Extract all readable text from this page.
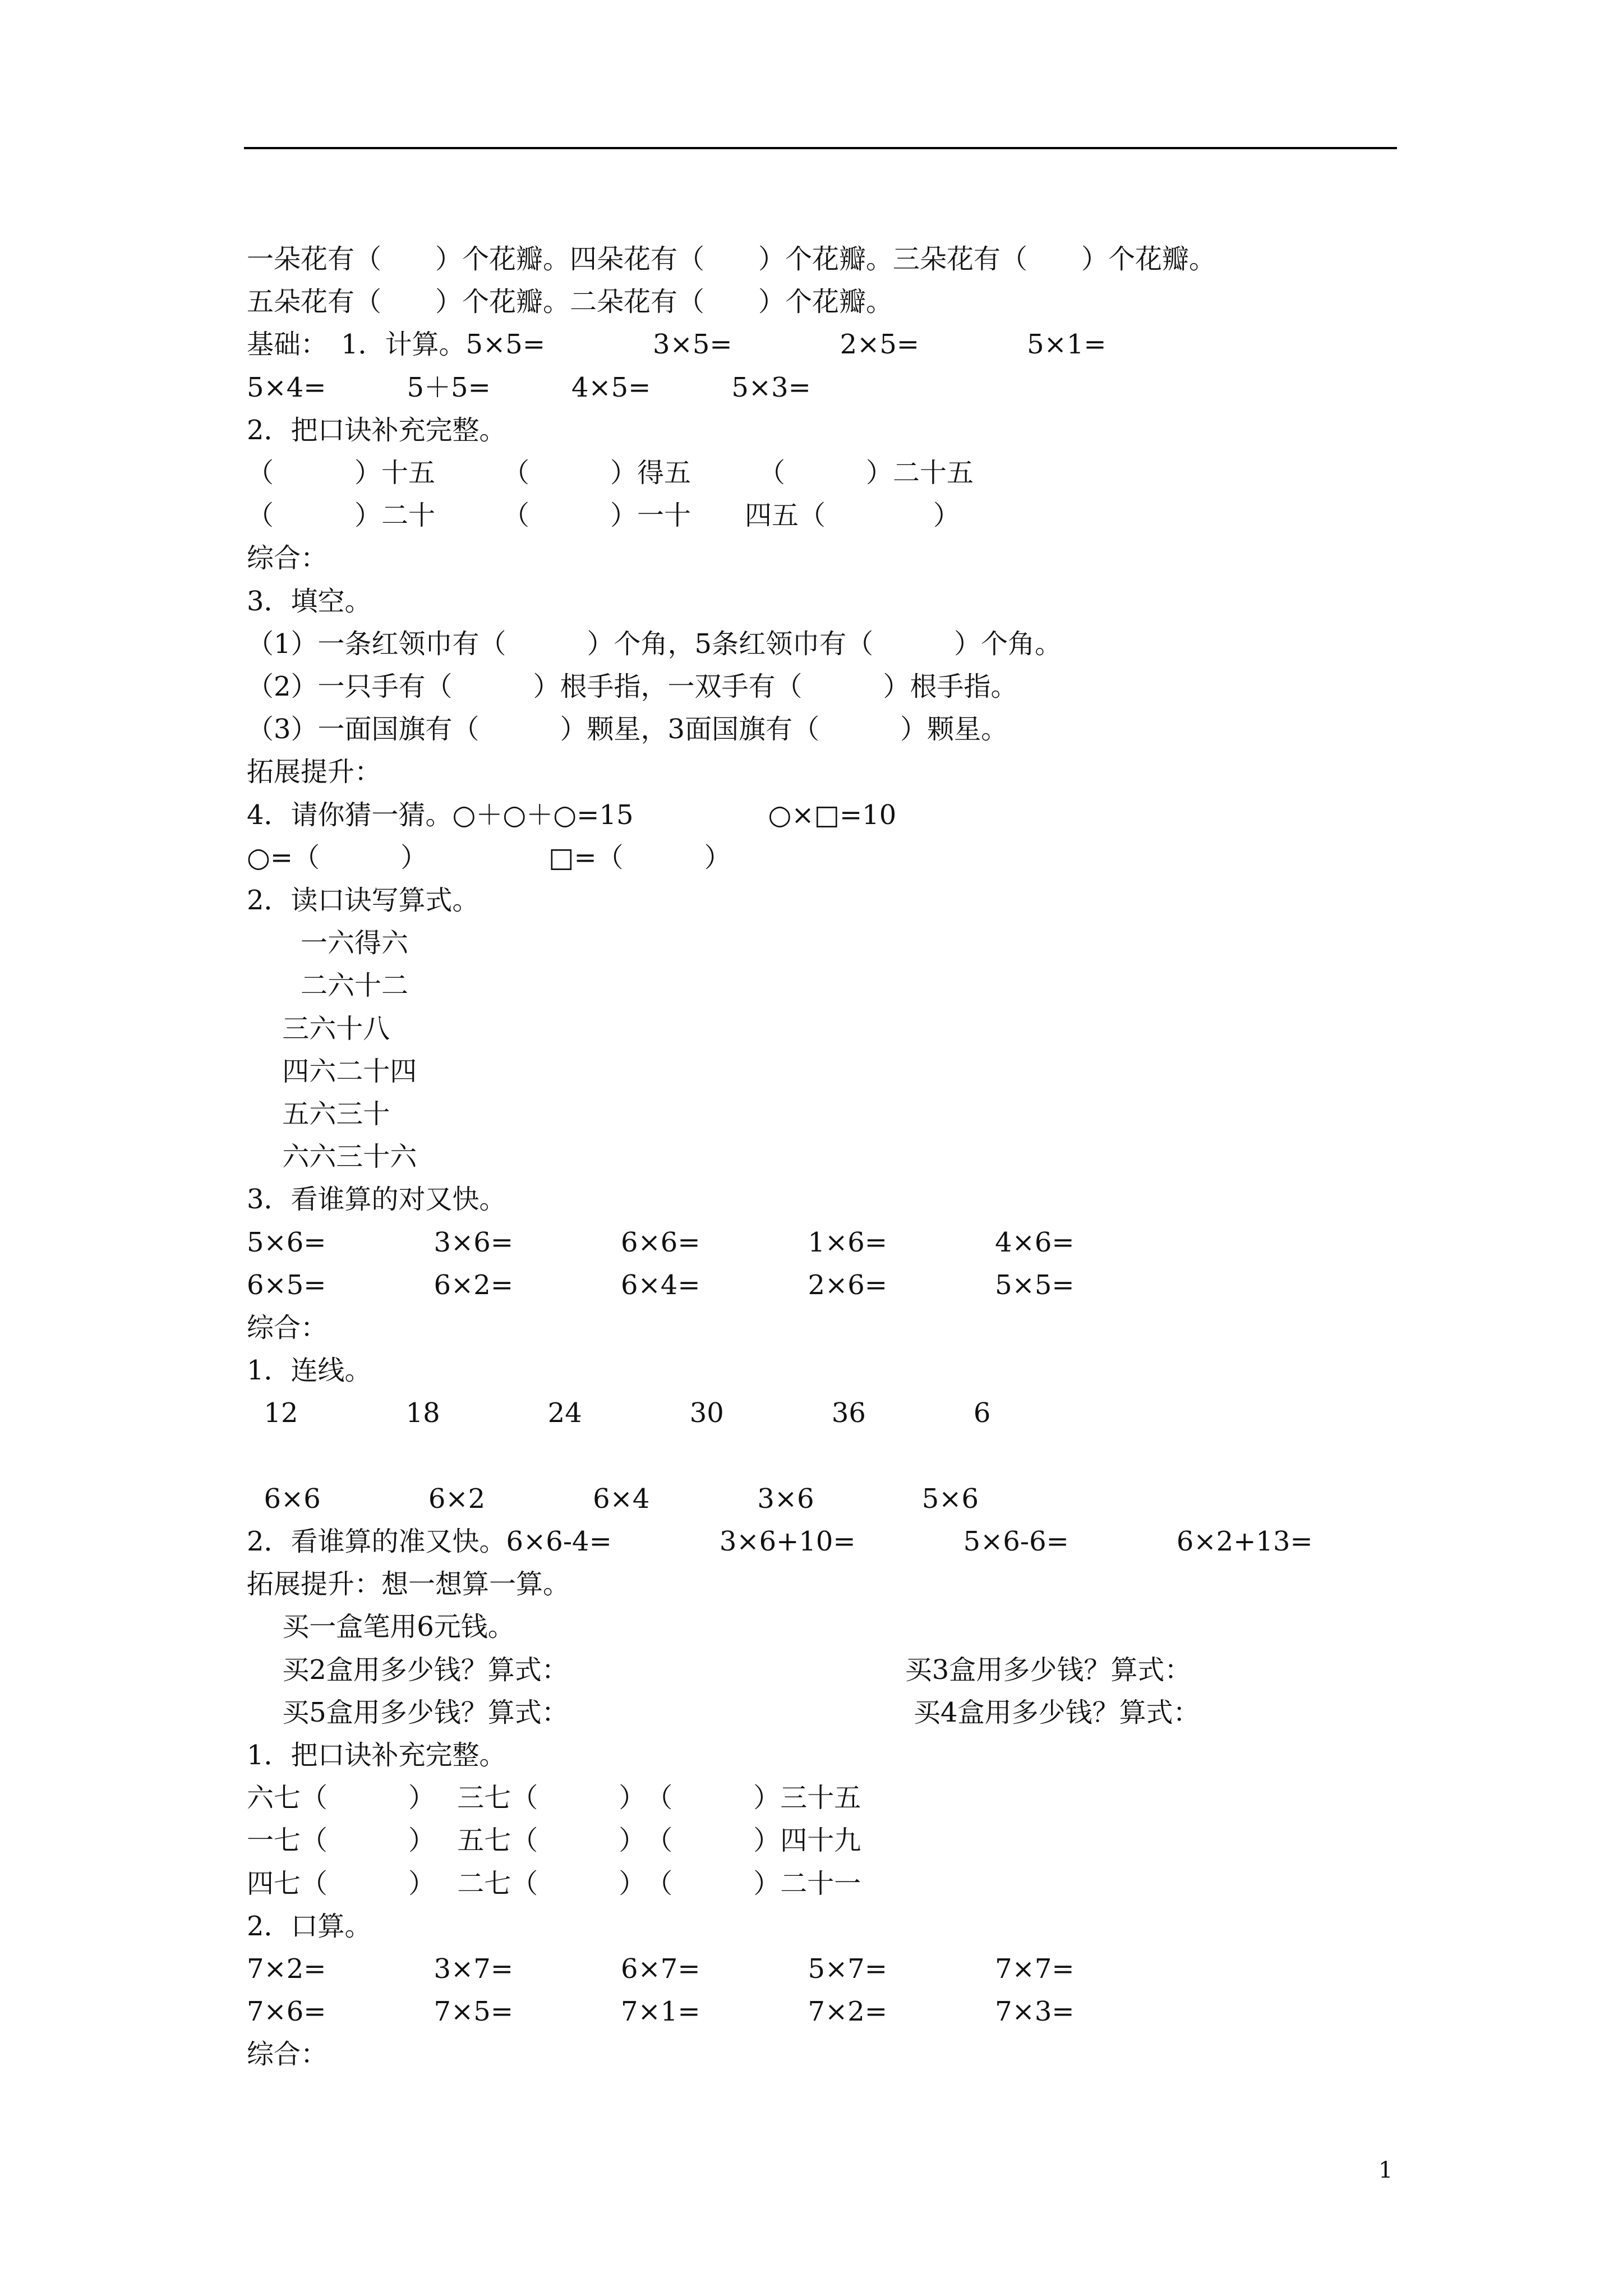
一朵花有（　　）个花瓣。四朵花有（　　）个花瓣。三朵花有（　　）个花瓣。
五朵花有（　　）个花瓣。二朵花有（　　）个花瓣。
基础：　1．计算。5×5=　　　　3×5=　　　　2×5=　　　　5×1=
5×4=　　　5＋5=　　　4×5=　　　5×3=
2．把口诀补充完整。
（　　　）十五　　　（　　　）得五　　　（　　　）二十五
（　　　）二十　　　（　　　）一十　　四五（　　　　）
综合：
3．填空。
（1）一条红领巾有（　　　）个角，5条红领巾有（　　　）个角。
（2）一只手有（　　　）根手指，一双手有（　　　）根手指。
（3）一面国旗有（　　　）颗星，3面国旗有（　　　）颗星。
拓展提升：
4．请你猜一猜。○＋○＋○=15　　　　　○×□=10
○=（　　　）　　　　　□=（　　　）
2．读口诀写算式。
　　一六得六
　　二六十二
　 三六十八
　 四六二十四
　 五六三十
　 六六三十六
3．看谁算的对又快。
5×6=　　　　3×6=　　　　6×6=　　　　1×6=　　　　4×6=
6×5=　　　　6×2=　　　　6×4=　　　　2×6=　　　　5×5=
综合：
1．连线。
12　　　　18　　　　24　　　　30　　　　36　　　　6
6×6　　　　6×2　　　　6×4　　　　3×6　　　　5×6
2．看谁算的准又快。6×6-4=　　　　3×6+10=　　　　5×6-6=　　　　6×2+13=
拓展提升：想一想算一算。
　 买一盒笔用6元钱。
　 买2盒用多少钱？算式：　　　　　　　　　　　　　买3盒用多少钱？算式：
　 买5盒用多少钱？算式：　　　　　　　　　　　　　 买4盒用多少钱？算式：
1．把口诀补充完整。
六七（　　　）　 三七（　　　）　（　　　）三十五
一七（　　　）　 五七（　　　）　（　　　）四十九
四七（　　　）　 二七（　　　）　（　　　）二十一
2．口算。
7×2=　　　　3×7=　　　　6×7=　　　　5×7=　　　　7×7=
7×6=　　　　7×5=　　　　7×1=　　　　7×2=　　　　7×3=
综合：
1
